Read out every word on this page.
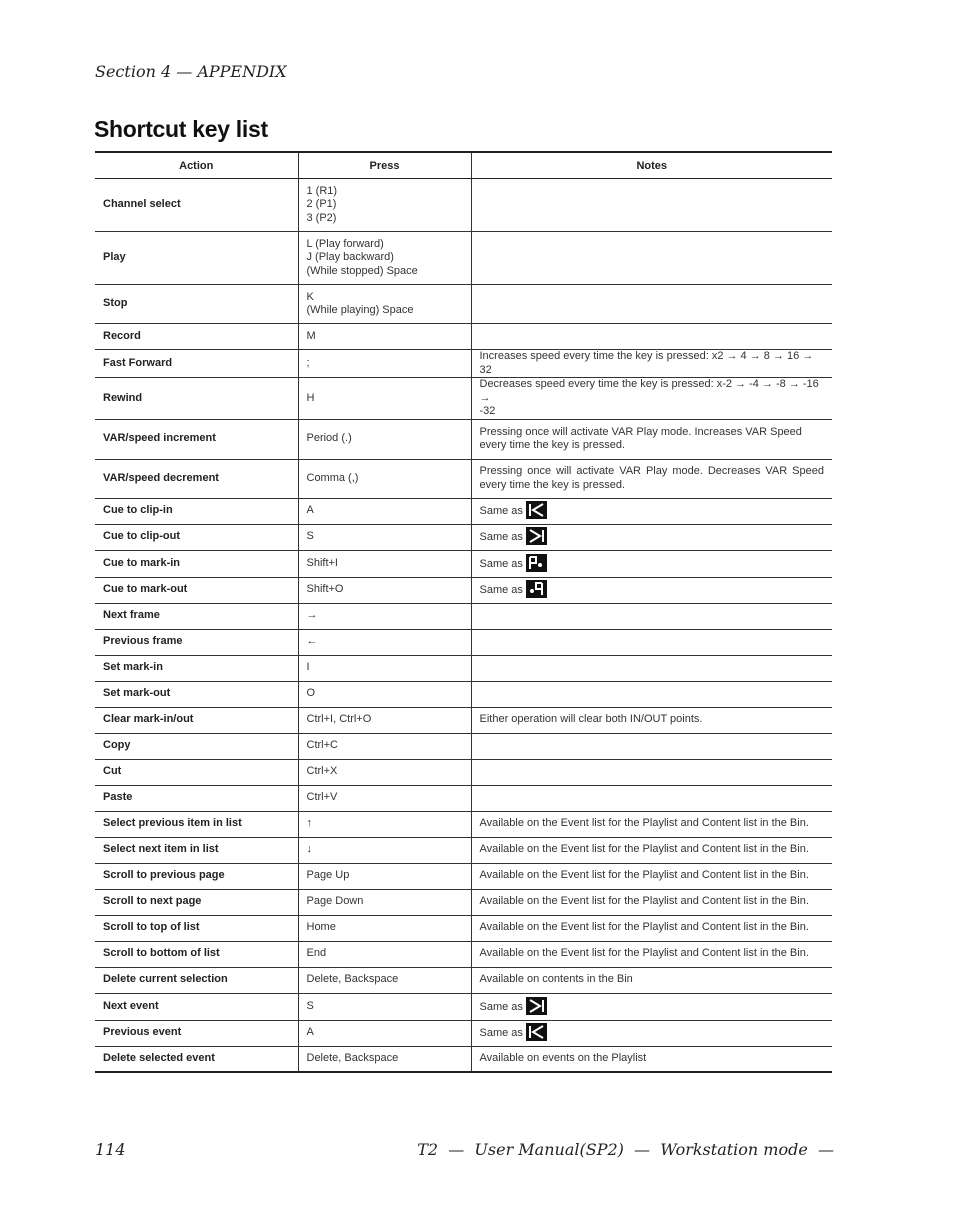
Section 4 — APPENDIX
Shortcut key list
Action	Press	Notes
Channel select	1 (R1)
2 (P1)
3 (P2)	
Play	L (Play forward)
J (Play backward)
(While stopped) Space	
Stop	K
(While playing) Space	
Record	M	
Fast Forward	;	Increases speed every time the key is pressed: x2 → 4 → 8 → 16 → 32
Rewind	H	Decreases speed every time the key is pressed: x-2 → -4 → -8 → -16 →
-32
VAR/speed increment	Period (.)	Pressing once will activate VAR Play mode. Increases VAR Speed every time the key is pressed.
VAR/speed decrement	Comma (,)	Pressing once will activate VAR Play mode. Decreases VAR Speed every time the key is pressed.
Cue to clip-in	A	Same as

Cue to clip-out	S	Same as

Cue to mark-in	Shift+I	Same as

Cue to mark-out	Shift+O	Same as

Next frame	→	
Previous frame	←	
Set mark-in	I	
Set mark-out	O	
Clear mark-in/out	Ctrl+I, Ctrl+O	Either operation will clear both IN/OUT points.
Copy	Ctrl+C	
Cut	Ctrl+X	
Paste	Ctrl+V	
Select previous item in list	↑	Available on the Event list for the Playlist and Content list in the Bin.
Select next item in list	↓	Available on the Event list for the Playlist and Content list in the Bin.
Scroll to previous page	Page Up	Available on the Event list for the Playlist and Content list in the Bin.
Scroll to next page	Page Down	Available on the Event list for the Playlist and Content list in the Bin.
Scroll to top of list	Home	Available on the Event list for the Playlist and Content list in the Bin.
Scroll to bottom of list	End	Available on the Event list for the Playlist and Content list in the Bin.
Delete current selection	Delete, Backspace	Available on contents in the Bin
Next event	S	Same as

Previous event	A	Same as

Delete selected event	Delete, Backspace	Available on events on the Playlist
114	T2  —  User Manual(SP2)  —  Workstation mode  —
